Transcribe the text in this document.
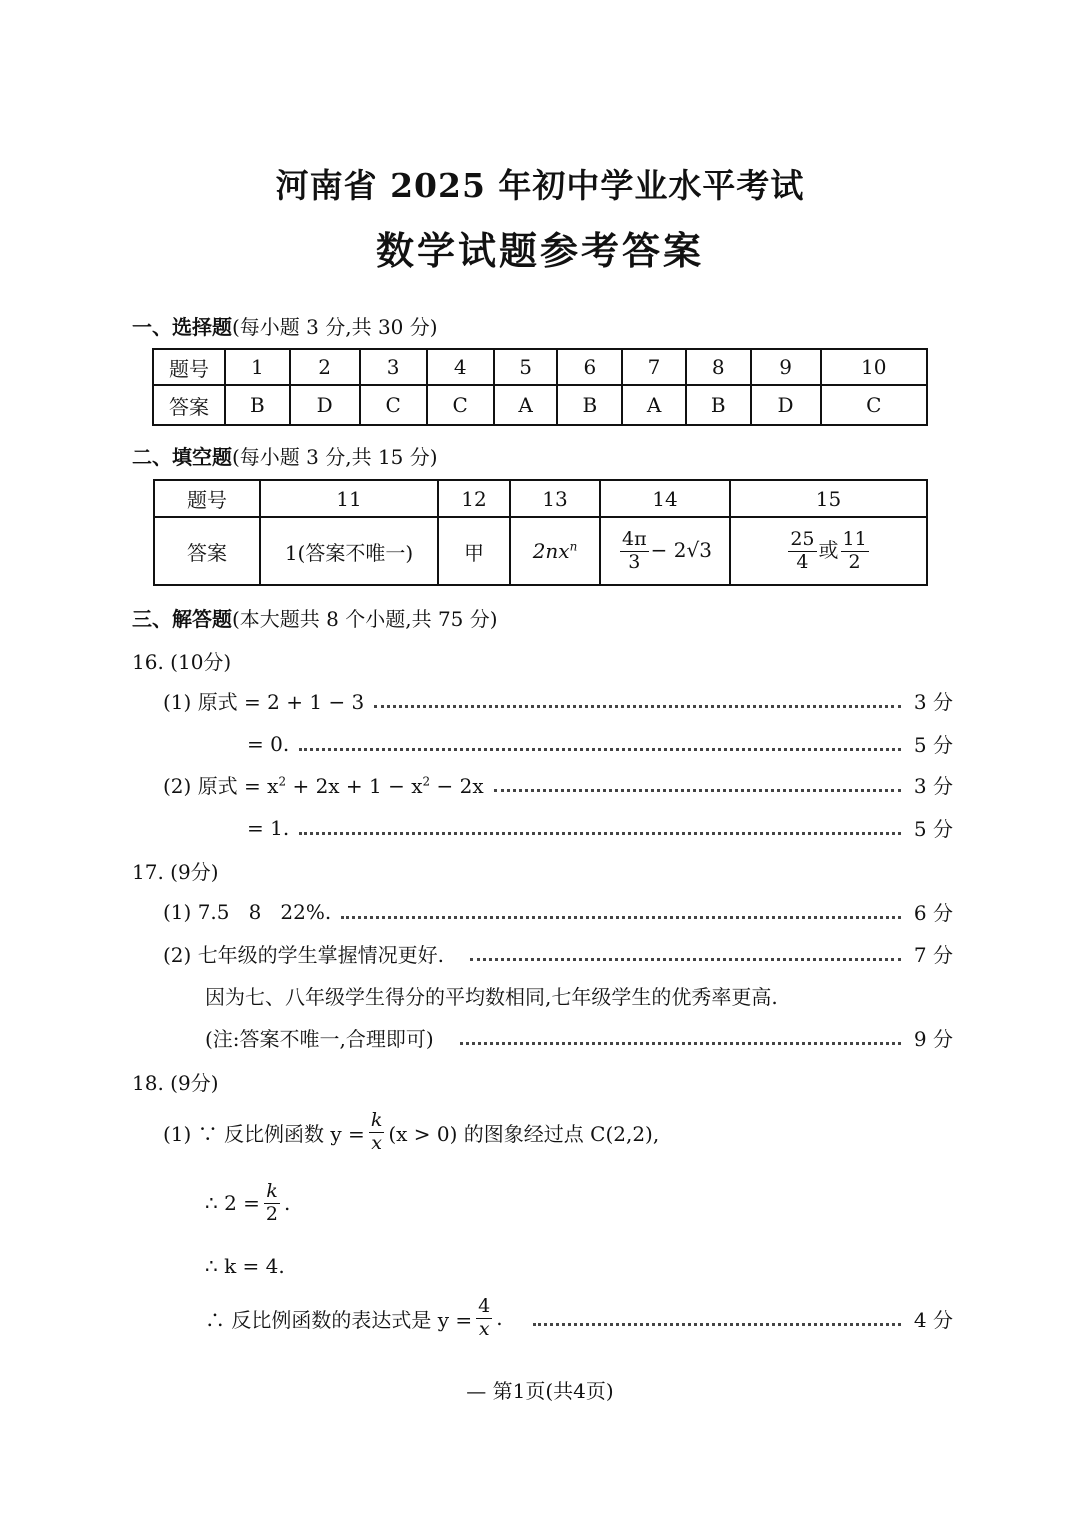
河南省 2025 年初中学业水平考试
数学试题参考答案
一、选择题(每小题 3 分,共 30 分)
题号	1	2	3	4	5	6	7	8	9	10
答案	B	D	C	C	A	B	A	B	D	C
二、填空题(每小题 3 分,共 15 分)
题号	11	12	13	14	15
答案	1(答案不唯一)	甲	$2nx^n$	$\frac{4\pi}{3} - 2√3$	$\frac{25}{4}$ 或 $\frac{11}{2}$
三、解答题(本大题共 8 个小题,共 75 分)
16. (10分)
(1) 原式 = 2 + 1 − 3	3 分
= 0.	5 分
(2) 原式 = $x^2 + 2x + 1 - x^2 - 2x$	3 分
= 1.	5 分
17. (9分)
(1) 7.5   8   22%.	6 分
(2) 七年级的学生掌握情况更好.	7 分
因为七、八年级学生得分的平均数相同,七年级学生的优秀率更高.
(注:答案不唯一,合理即可)	9 分
18. (9分)
(1) ∵ 反比例函数 $y = \frac{k}{x} (x > 0)$ 的图象经过点 C(2,2),
∴ $2 = \frac{k}{2}$ .
∴ k = 4.
∴ 反比例函数的表达式是 $y = \frac{4}{x}$ .	4 分
— 第1页(共4页)
